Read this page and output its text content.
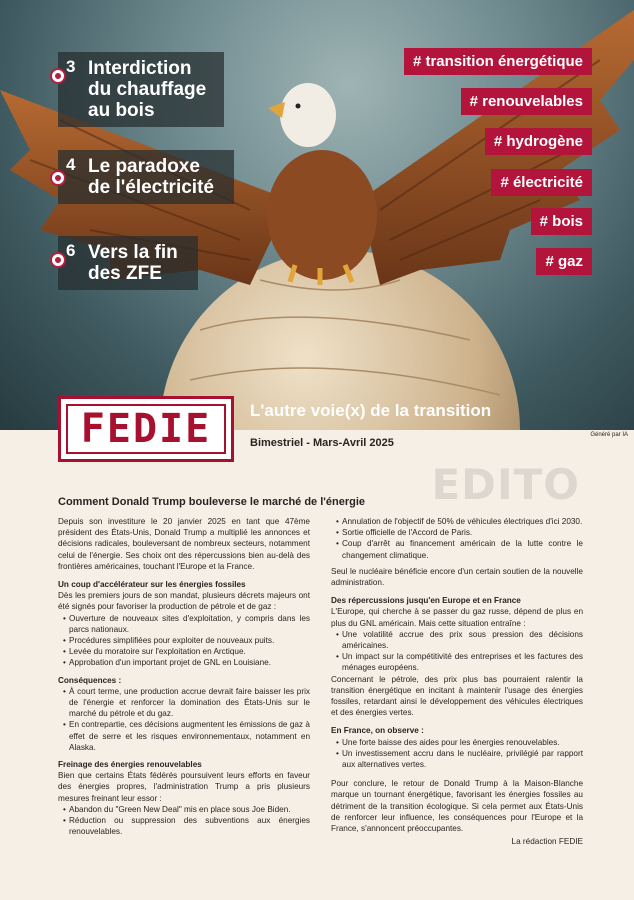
3 Interdiction du chauffage au bois
4 Le paradoxe de l'électricité
6 Vers la fin des ZFE
# transition énergétique
# renouvelables
# hydrogène
# électricité
# bois
# gaz
L'autre voie(x) de la transition
FEDIE	Bimestriel - Mars-Avril 2025
Généré par IA
EDITO
Comment Donald Trump bouleverse le marché de l'énergie

Depuis son investiture le 20 janvier 2025 en tant que 47ème président des États-Unis, Donald Trump a multiplié les annonces et décisions radicales, bouleversant de nombreux secteurs, notamment celui de l'énergie. Ses choix ont des répercussions bien au-delà des frontières américaines, touchant l'Europe et la France.

Un coup d'accélérateur sur les énergies fossiles

Dès les premiers jours de son mandat, plusieurs décrets majeurs ont été signés pour favoriser la production de pétrole et de gaz :

• Ouverture de nouveaux sites d'exploitation, y compris dans les parcs nationaux.
• Procédures simplifiées pour exploiter de nouveaux puits.
• Levée du moratoire sur l'exploitation en Arctique.
• Approbation d'un important projet de GNL en Louisiane.
Conséquences :
• À court terme, une production accrue devrait faire baisser les prix de l'énergie et renforcer la domination des États-Unis sur le marché du pétrole et du gaz.
• En contrepartie, ces décisions augmentent les émissions de gaz à effet de serre et les risques environnementaux, notamment en Alaska.
Freinage des énergies renouvelables

Bien que certains États fédérés poursuivent leurs efforts en faveur des énergies propres, l'administration Trump a pris plusieurs mesures freinant leur essor :

• Abandon du "Green New Deal" mis en place sous Joe Biden.
• Réduction ou suppression des subventions aux énergies renouvelables.
• Annulation de l'objectif de 50% de véhicules électriques d'ici 2030.
• Sortie officielle de l'Accord de Paris.
• Coup d'arrêt au financement américain de la lutte contre le changement climatique.

Seul le nucléaire bénéficie encore d'un certain soutien de la nouvelle administration.

Des répercussions jusqu'en Europe et en France

L'Europe, qui cherche à se passer du gaz russe, dépend de plus en plus du GNL américain. Mais cette situation entraîne :

• Une volatilité accrue des prix sous pression des décisions américaines.
• Un impact sur la compétitivité des entreprises et les factures des ménages européens.

Concernant le pétrole, des prix plus bas pourraient ralentir la transition énergétique en incitant à maintenir l'usage des énergies fossiles, retardant ainsi le développement des véhicules électriques et des énergies vertes.

En France, on observe :
• Une forte baisse des aides pour les énergies renouvelables.
• Un investissement accru dans le nucléaire, privilégié par rapport aux alternatives vertes.

Pour conclure, le retour de Donald Trump à la Maison-Blanche marque un tournant énergétique, favorisant les énergies fossiles au détriment de la transition écologique. Si cela permet aux États-Unis de renforcer leur influence, les conséquences pour l'Europe et la France, s'annoncent préoccupantes.

La rédaction FEDIE
